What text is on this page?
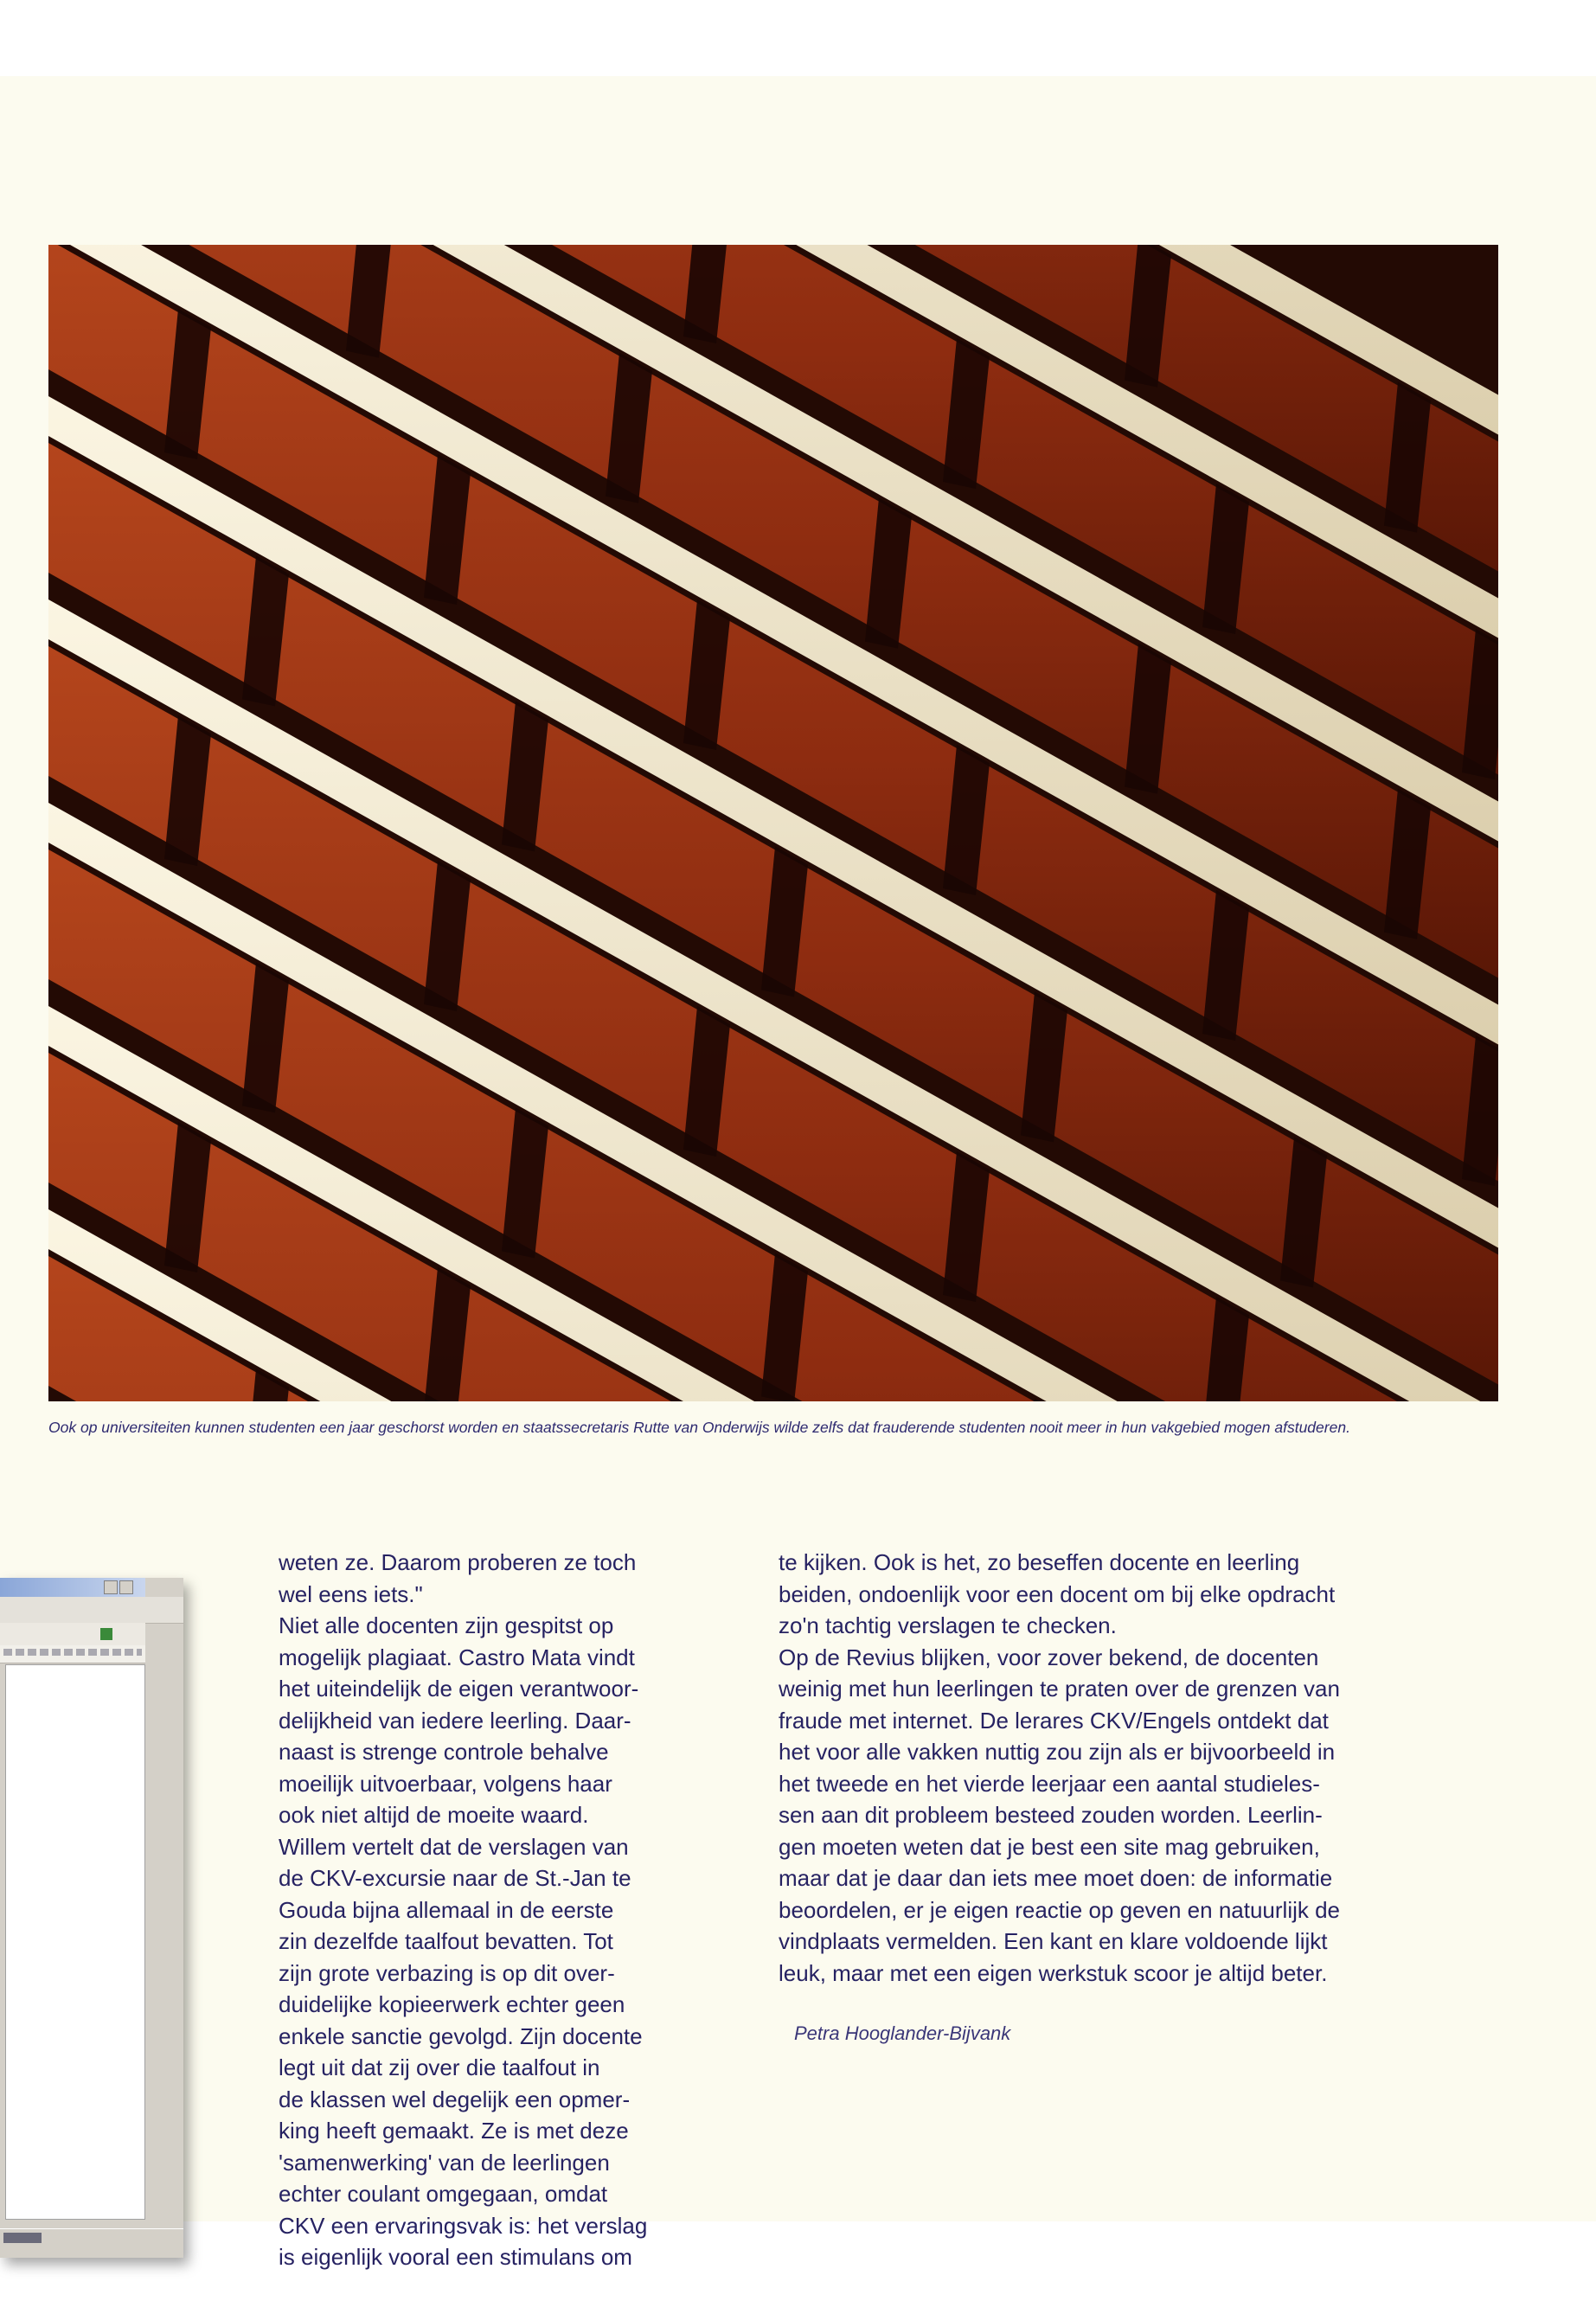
Ook op universiteiten kunnen studenten een jaar geschorst worden en staatssecretaris Rutte van Onderwijs wilde zelfs dat frauderende studenten nooit meer in hun vakgebied mogen afstuderen.

weten ze. Daarom proberen ze toch
wel eens iets."
Niet alle docenten zijn gespitst op
mogelijk plagiaat. Castro Mata vindt
het uiteindelijk de eigen verantwoor-
delijkheid van iedere leerling. Daar-
naast is strenge controle behalve
moeilijk uitvoerbaar, volgens haar
ook niet altijd de moeite waard.
Willem vertelt dat de verslagen van
de CKV-excursie naar de St.-Jan te
Gouda bijna allemaal in de eerste
zin dezelfde taalfout bevatten. Tot
zijn grote verbazing is op dit over-
duidelijke kopieerwerk echter geen
enkele sanctie gevolgd. Zijn docente
legt uit dat zij over die taalfout in
de klassen wel degelijk een opmer-
king heeft gemaakt. Ze is met deze
'samenwerking' van de leerlingen
echter coulant omgegaan, omdat
CKV een ervaringsvak is: het verslag
is eigenlijk vooral een stimulans om

te kijken. Ook is het, zo beseffen docente en leerling
beiden, ondoenlijk voor een docent om bij elke opdracht
zo'n tachtig verslagen te checken.
Op de Revius blijken, voor zover bekend, de docenten
weinig met hun leerlingen te praten over de grenzen van
fraude met internet. De lerares CKV/Engels ontdekt dat
het voor alle vakken nuttig zou zijn als er bijvoorbeeld in
het tweede en het vierde leerjaar een aantal studieles-
sen aan dit probleem besteed zouden worden. Leerlin-
gen moeten weten dat je best een site mag gebruiken,
maar dat je daar dan iets mee moet doen: de informatie
beoordelen, er je eigen reactie op geven en natuurlijk de
vindplaats vermelden. Een kant en klare voldoende lijkt
leuk, maar met een eigen werkstuk scoor je altijd beter.

Petra Hooglander-Bijvank
